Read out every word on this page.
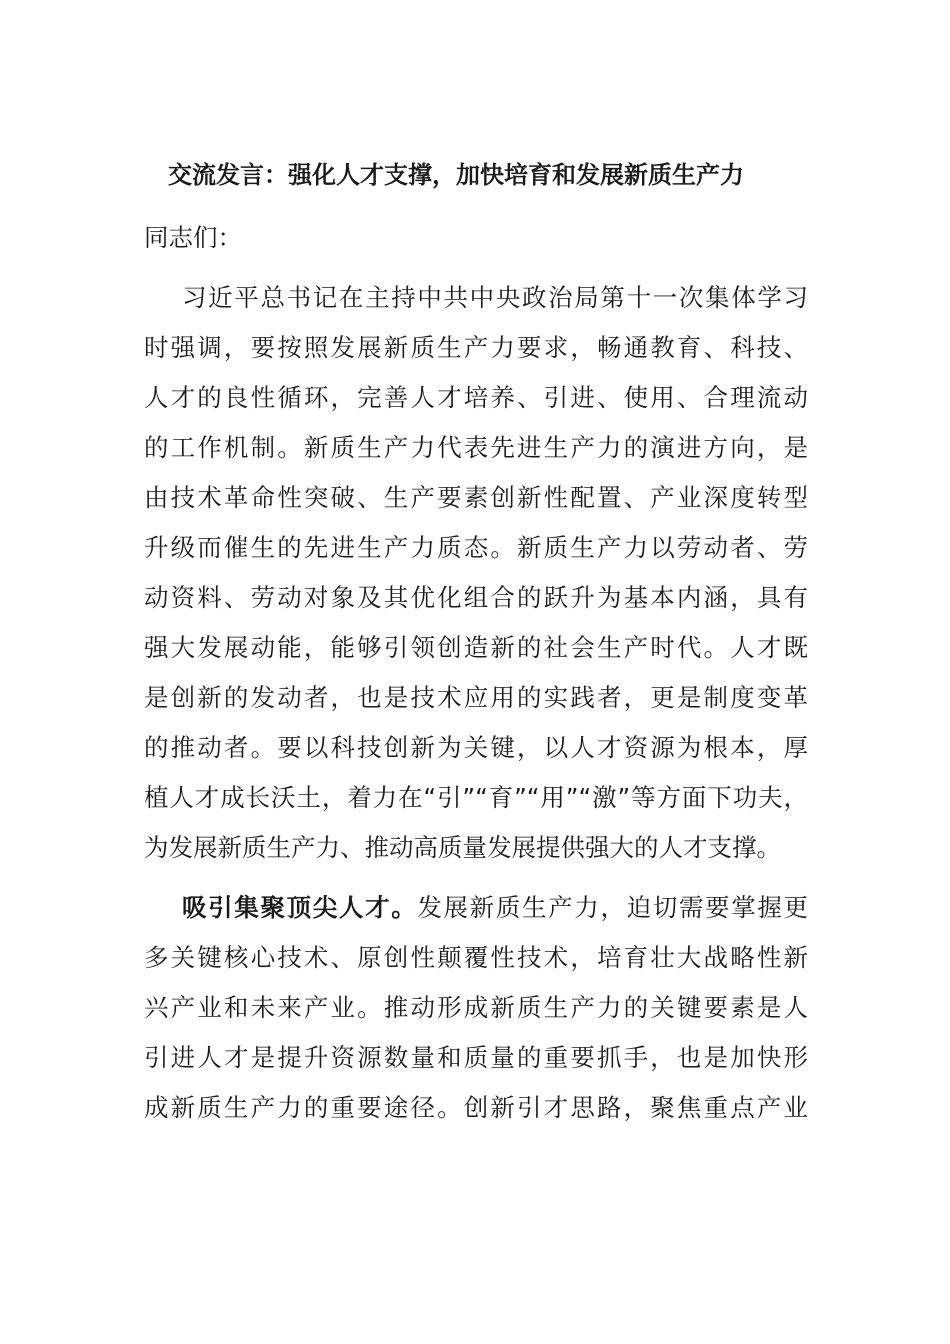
交流发言：强化人才支撑，加快培育和发展新质生产力

同志们：

习近平总书记在主持中共中央政治局第十一次集体学习
时强调，要按照发展新质生产力要求，畅通教育、科技、
人才的良性循环，完善人才培养、引进、使用、合理流动
的工作机制。新质生产力代表先进生产力的演进方向，是
由技术革命性突破、生产要素创新性配置、产业深度转型
升级而催生的先进生产力质态。新质生产力以劳动者、劳
动资料、劳动对象及其优化组合的跃升为基本内涵，具有
强大发展动能，能够引领创造新的社会生产时代。人才既
是创新的发动者，也是技术应用的实践者，更是制度变革
的推动者。要以科技创新为关键，以人才资源为根本，厚
植人才成长沃土，着力在“引”“育”“用”“激”等方面下功夫，
为发展新质生产力、推动高质量发展提供强大的人才支撑。
吸引集聚顶尖人才。发展新质生产力，迫切需要掌握更
多关键核心技术、原创性颠覆性技术，培育壮大战略性新
兴产业和未来产业。推动形成新质生产力的关键要素是人
引进人才是提升资源数量和质量的重要抓手，也是加快形
成新质生产力的重要途径。创新引才思路，聚焦重点产业
